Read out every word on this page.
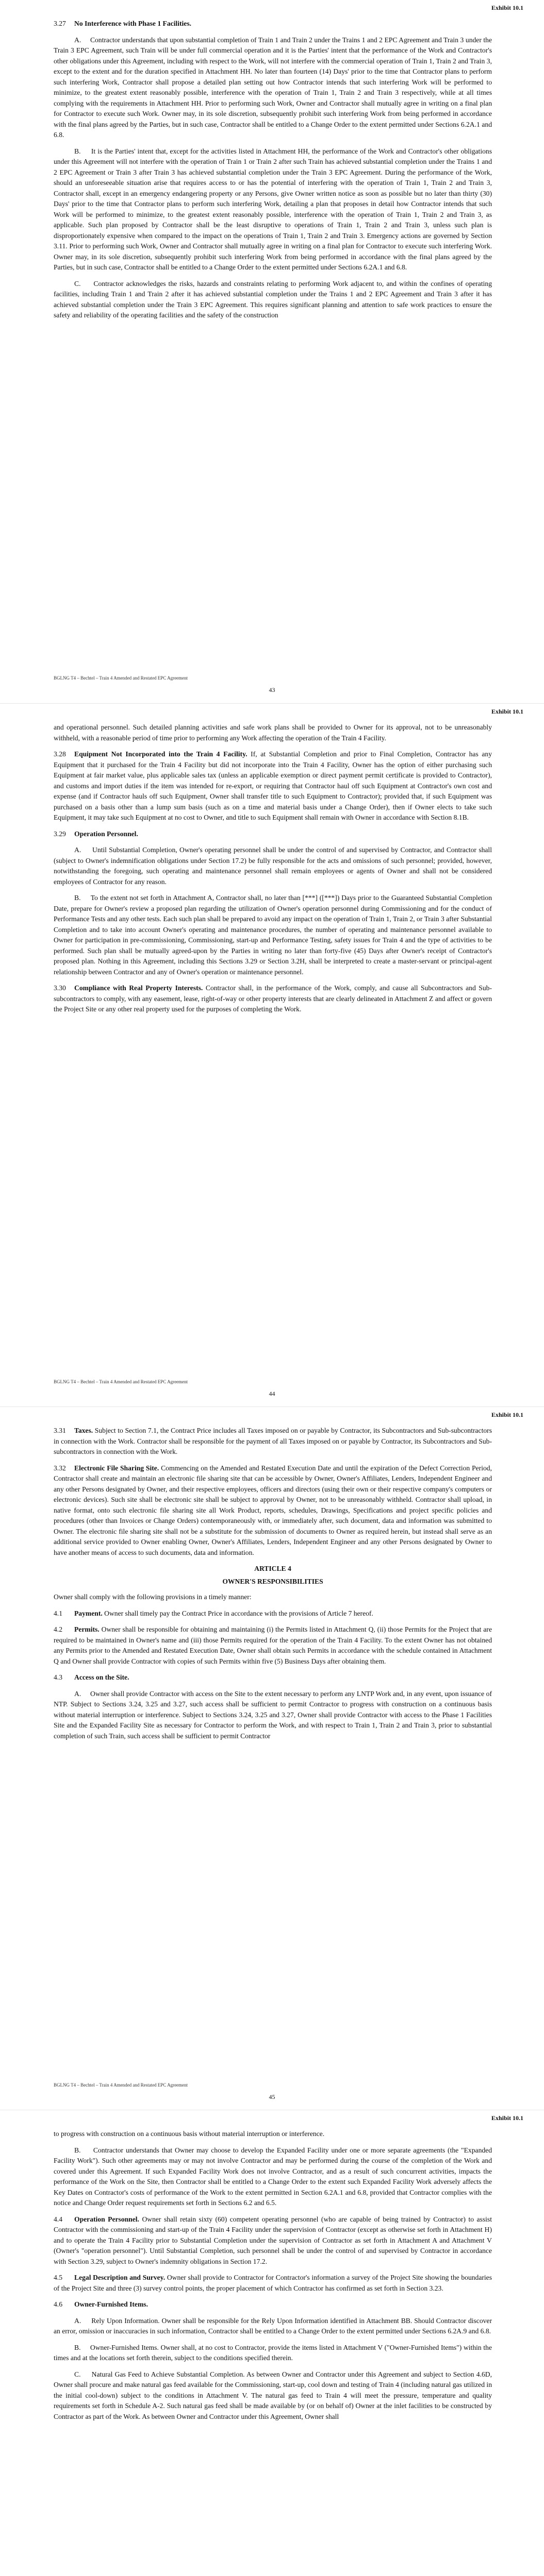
Exhibit 10.1

3.27 No Interference with Phase 1 Facilities.

A.     Contractor understands that upon substantial completion of Train 1 and Train 2 under the Trains 1 and 2 EPC Agreement and Train 3 under the Train 3 EPC Agreement, such Train will be under full commercial operation and it is the Parties' intent that the performance of the Work and Contractor's other obligations under this Agreement, including with respect to the Work, will not interfere with the commercial operation of Train 1, Train 2 and Train 3, except to the extent and for the duration specified in Attachment HH. No later than fourteen (14) Days' prior to the time that Contractor plans to perform such interfering Work, Contractor shall propose a detailed plan setting out how Contractor intends that such interfering Work will be performed to minimize, to the greatest extent reasonably possible, interference with the operation of Train 1, Train 2 and Train 3 respectively, while at all times complying with the requirements in Attachment HH. Prior to performing such Work, Owner and Contractor shall mutually agree in writing on a final plan for Contractor to execute such Work. Owner may, in its sole discretion, subsequently prohibit such interfering Work from being performed in accordance with the final plans agreed by the Parties, but in such case, Contractor shall be entitled to a Change Order to the extent permitted under Sections 6.2A.1 and 6.8.

B.     It is the Parties' intent that, except for the activities listed in Attachment HH, the performance of the Work and Contractor's other obligations under this Agreement will not interfere with the operation of Train 1 or Train 2 after such Train has achieved substantial completion under the Trains 1 and 2 EPC Agreement or Train 3 after Train 3 has achieved substantial completion under the Train 3 EPC Agreement. During the performance of the Work, should an unforeseeable situation arise that requires access to or has the potential of interfering with the operation of Train 1, Train 2 and Train 3, Contractor shall, except in an emergency endangering property or any Persons, give Owner written notice as soon as possible but no later than thirty (30) Days' prior to the time that Contractor plans to perform such interfering Work, detailing a plan that proposes in detail how Contractor intends that such Work will be performed to minimize, to the greatest extent reasonably possible, interference with the operation of Train 1, Train 2 and Train 3, as applicable. Such plan proposed by Contractor shall be the least disruptive to operations of Train 1, Train 2 and Train 3, unless such plan is disproportionately expensive when compared to the impact on the operations of Train 1, Train 2 and Train 3. Emergency actions are governed by Section 3.11. Prior to performing such Work, Owner and Contractor shall mutually agree in writing on a final plan for Contractor to execute such interfering Work. Owner may, in its sole discretion, subsequently prohibit such interfering Work from being performed in accordance with the final plans agreed by the Parties, but in such case, Contractor shall be entitled to a Change Order to the extent permitted under Sections 6.2A.1 and 6.8.

C.     Contractor acknowledges the risks, hazards and constraints relating to performing Work adjacent to, and within the confines of operating facilities, including Train 1 and Train 2 after it has achieved substantial completion under the Trains 1 and 2 EPC Agreement and Train 3 after it has achieved substantial completion under the Train 3 EPC Agreement. This requires significant planning and attention to safe work practices to ensure the safety and reliability of the operating facilities and the safety of the construction

BGLNG T4 – Bechtel – Train 4 Amended and Restated EPC Agreement
43
Exhibit 10.1

and operational personnel. Such detailed planning activities and safe work plans shall be provided to Owner for its approval, not to be unreasonably withheld, with a reasonable period of time prior to performing any Work affecting the operation of the Train 4 Facility.

3.28 Equipment Not Incorporated into the Train 4 Facility. If, at Substantial Completion and prior to Final Completion, Contractor has any Equipment that it purchased for the Train 4 Facility but did not incorporate into the Train 4 Facility, Owner has the option of either purchasing such Equipment at fair market value, plus applicable sales tax (unless an applicable exemption or direct payment permit certificate is provided to Contractor), and customs and import duties if the item was intended for re-export, or requiring that Contractor haul off such Equipment at Contractor's own cost and expense (and if Contractor hauls off such Equipment, Owner shall transfer title to such Equipment to Contractor); provided that, if such Equipment was purchased on a basis other than a lump sum basis (such as on a time and material basis under a Change Order), then if Owner elects to take such Equipment, it may take such Equipment at no cost to Owner, and title to such Equipment shall remain with Owner in accordance with Section 8.1B.

3.29 Operation Personnel.

A.     Until Substantial Completion, Owner's operating personnel shall be under the control of and supervised by Contractor, and Contractor shall (subject to Owner's indemnification obligations under Section 17.2) be fully responsible for the acts and omissions of such personnel; provided, however, notwithstanding the foregoing, such operating and maintenance personnel shall remain employees or agents of Owner and shall not be considered employees of Contractor for any reason.

B.     To the extent not set forth in Attachment A, Contractor shall, no later than [***] ([***]) Days prior to the Guaranteed Substantial Completion Date, prepare for Owner's review a proposed plan regarding the utilization of Owner's operation personnel during Commissioning and for the conduct of Performance Tests and any other tests. Each such plan shall be prepared to avoid any impact on the operation of Train 1, Train 2, or Train 3 after Substantial Completion and to take into account Owner's operating and maintenance procedures, the number of operating and maintenance personnel available to Owner for participation in pre-commissioning, Commissioning, start-up and Performance Testing, safety issues for Train 4 and the type of activities to be performed. Such plan shall be mutually agreed-upon by the Parties in writing no later than forty-five (45) Days after Owner's receipt of Contractor's proposed plan. Nothing in this Agreement, including this Sections 3.29 or Section 3.2H, shall be interpreted to create a master-servant or principal-agent relationship between Contractor and any of Owner's operation or maintenance personnel.

3.30 Compliance with Real Property Interests. Contractor shall, in the performance of the Work, comply, and cause all Subcontractors and Sub-subcontractors to comply, with any easement, lease, right-of-way or other property interests that are clearly delineated in Attachment Z and affect or govern the Project Site or any other real property used for the purposes of completing the Work.

BGLNG T4 – Bechtel – Train 4 Amended and Restated EPC Agreement
44
Exhibit 10.1

3.31 Taxes. Subject to Section 7.1, the Contract Price includes all Taxes imposed on or payable by Contractor, its Subcontractors and Sub-subcontractors in connection with the Work. Contractor shall be responsible for the payment of all Taxes imposed on or payable by Contractor, its Subcontractors and Sub-subcontractors in connection with the Work.

3.32 Electronic File Sharing Site. Commencing on the Amended and Restated Execution Date and until the expiration of the Defect Correction Period, Contractor shall create and maintain an electronic file sharing site that can be accessible by Owner, Owner's Affiliates, Lenders, Independent Engineer and any other Persons designated by Owner, and their respective employees, officers and directors (using their own or their respective company's computers or electronic devices). Such site shall be electronic site shall be subject to approval by Owner, not to be unreasonably withheld. Contractor shall upload, in native format, onto such electronic file sharing site all Work Product, reports, schedules, Drawings, Specifications and project specific policies and procedures (other than Invoices or Change Orders) contemporaneously with, or immediately after, such document, data and information was submitted to Owner. The electronic file sharing site shall not be a substitute for the submission of documents to Owner as required herein, but instead shall serve as an additional service provided to Owner enabling Owner, Owner's Affiliates, Lenders, Independent Engineer and any other Persons designated by Owner to have another means of access to such documents, data and information.

ARTICLE 4
OWNER'S RESPONSIBILITIES

Owner shall comply with the following provisions in a timely manner:

4.1 Payment. Owner shall timely pay the Contract Price in accordance with the provisions of Article 7 hereof.

4.2 Permits. Owner shall be responsible for obtaining and maintaining (i) the Permits listed in Attachment Q, (ii) those Permits for the Project that are required to be maintained in Owner's name and (iii) those Permits required for the operation of the Train 4 Facility. To the extent Owner has not obtained any Permits prior to the Amended and Restated Execution Date, Owner shall obtain such Permits in accordance with the schedule contained in Attachment Q and Owner shall provide Contractor with copies of such Permits within five (5) Business Days after obtaining them.

4.3 Access on the Site.

A.     Owner shall provide Contractor with access on the Site to the extent necessary to perform any LNTP Work and, in any event, upon issuance of NTP. Subject to Sections 3.24, 3.25 and 3.27, such access shall be sufficient to permit Contractor to progress with construction on a continuous basis without material interruption or interference. Subject to Sections 3.24, 3.25 and 3.27, Owner shall provide Contractor with access to the Phase 1 Facilities Site and the Expanded Facility Site as necessary for Contractor to perform the Work, and with respect to Train 1, Train 2 and Train 3, prior to substantial completion of such Train, such access shall be sufficient to permit Contractor

BGLNG T4 – Bechtel – Train 4 Amended and Restated EPC Agreement
45
Exhibit 10.1

to progress with construction on a continuous basis without material interruption or interference.

B.     Contractor understands that Owner may choose to develop the Expanded Facility under one or more separate agreements (the "Expanded Facility Work"). Such other agreements may or may not involve Contractor and may be performed during the course of the completion of the Work and covered under this Agreement. If such Expanded Facility Work does not involve Contractor, and as a result of such concurrent activities, impacts the performance of the Work on the Site, then Contractor shall be entitled to a Change Order to the extent such Expanded Facility Work adversely affects the Key Dates on Contractor's costs of performance of the Work to the extent permitted in Section 6.2A.1 and 6.8, provided that Contractor complies with the notice and Change Order request requirements set forth in Sections 6.2 and 6.5.

4.4 Operation Personnel. Owner shall retain sixty (60) competent operating personnel (who are capable of being trained by Contractor) to assist Contractor with the commissioning and start-up of the Train 4 Facility under the supervision of Contractor (except as otherwise set forth in Attachment H) and to operate the Train 4 Facility prior to Substantial Completion under the supervision of Contractor as set forth in Attachment A and Attachment V (Owner's "operation personnel"). Until Substantial Completion, such personnel shall be under the control of and supervised by Contractor in accordance with Section 3.29, subject to Owner's indemnity obligations in Section 17.2.

4.5 Legal Description and Survey. Owner shall provide to Contractor for Contractor's information a survey of the Project Site showing the boundaries of the Project Site and three (3) survey control points, the proper placement of which Contractor has confirmed as set forth in Section 3.23.

4.6 Owner-Furnished Items.

A.     Rely Upon Information. Owner shall be responsible for the Rely Upon Information identified in Attachment BB. Should Contractor discover an error, omission or inaccuracies in such information, Contractor shall be entitled to a Change Order to the extent permitted under Sections 6.2A.9 and 6.8.

B.     Owner-Furnished Items. Owner shall, at no cost to Contractor, provide the items listed in Attachment V ("Owner-Furnished Items") within the times and at the locations set forth therein, subject to the conditions specified therein.

C.     Natural Gas Feed to Achieve Substantial Completion. As between Owner and Contractor under this Agreement and subject to Section 4.6D, Owner shall procure and make natural gas feed available for the Commissioning, start-up, cool down and testing of Train 4 (including natural gas utilized in the initial cool-down) subject to the conditions in Attachment V. The natural gas feed to Train 4 will meet the pressure, temperature and quality requirements set forth in Schedule A-2. Such natural gas feed shall be made available by (or on behalf of) Owner at the inlet facilities to be constructed by Contractor as part of the Work. As between Owner and Contractor under this Agreement, Owner shall
